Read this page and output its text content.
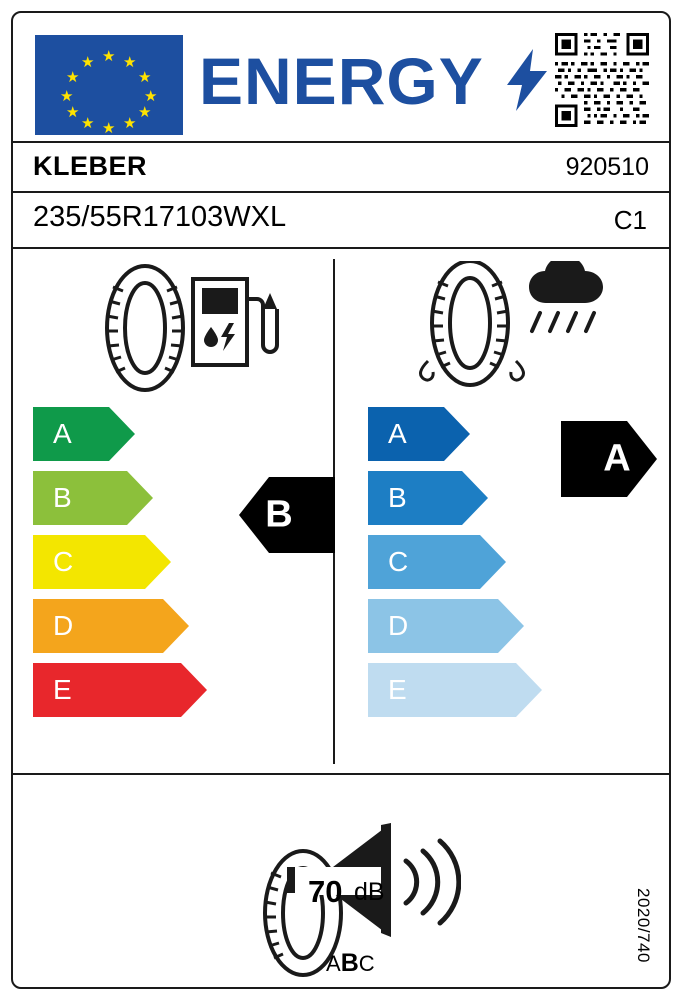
★
★ ★
★	★
★	★
★	★
★ ★
★
ENERGY
KLEBER	920510
235/55R17103WXL	C1
A
B
C
D
E
B
A
B
C
D
E
A
70 dB
ABC
2020/740
